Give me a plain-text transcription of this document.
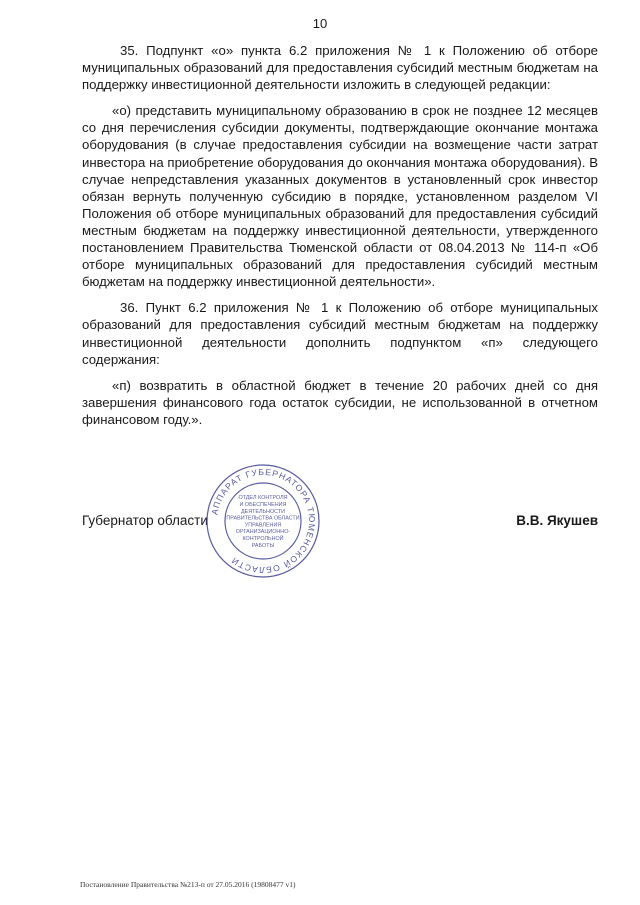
10

35. Подпункт «о» пункта 6.2 приложения № 1 к Положению об отборе муниципальных образований для предоставления субсидий местным бюджетам на поддержку инвестиционной деятельности изложить в следующей редакции:

«о) представить муниципальному образованию в срок не позднее 12 месяцев со дня перечисления субсидии документы, подтверждающие окончание монтажа оборудования (в случае предоставления субсидии на возмещение части затрат инвестора на приобретение оборудования до окончания монтажа оборудования). В случае непредставления указанных документов в установленный срок инвестор обязан вернуть полученную субсидию в порядке, установленном разделом VI Положения об отборе муниципальных образований для предоставления субсидий местным бюджетам на поддержку инвестиционной деятельности, утвержденного постановлением Правительства Тюменской области от 08.04.2013 № 114-п «Об отборе муниципальных образований для предоставления субсидий местным бюджетам на поддержку инвестиционной деятельности».

36. Пункт 6.2 приложения № 1 к Положению об отборе муниципальных образований для предоставления субсидий местным бюджетам на поддержку инвестиционной деятельности дополнить подпунктом «п» следующего содержания:

«п) возвратить в областной бюджет в течение 20 рабочих дней со дня завершения финансового года остаток субсидии, не использованной в отчетном финансовом году.».

Губернатор области	В.В. Якушев
АППАРАТ ГУБЕРНАТОРА ТЮМЕНСКОЙ ОБЛАСТИ
ОТДЕЛ КОНТРОЛЯ
И ОБЕСПЕЧЕНИЯ
ДЕЯТЕЛЬНОСТИ
ПРАВИТЕЛЬСТВА ОБЛАСТИ
УПРАВЛЕНИЯ
ОРГАНИЗАЦИОННО-
КОНТРОЛЬНОЙ
РАБОТЫ
Постановление Правительства №213-п от 27.05.2016 (19808477 v1)
